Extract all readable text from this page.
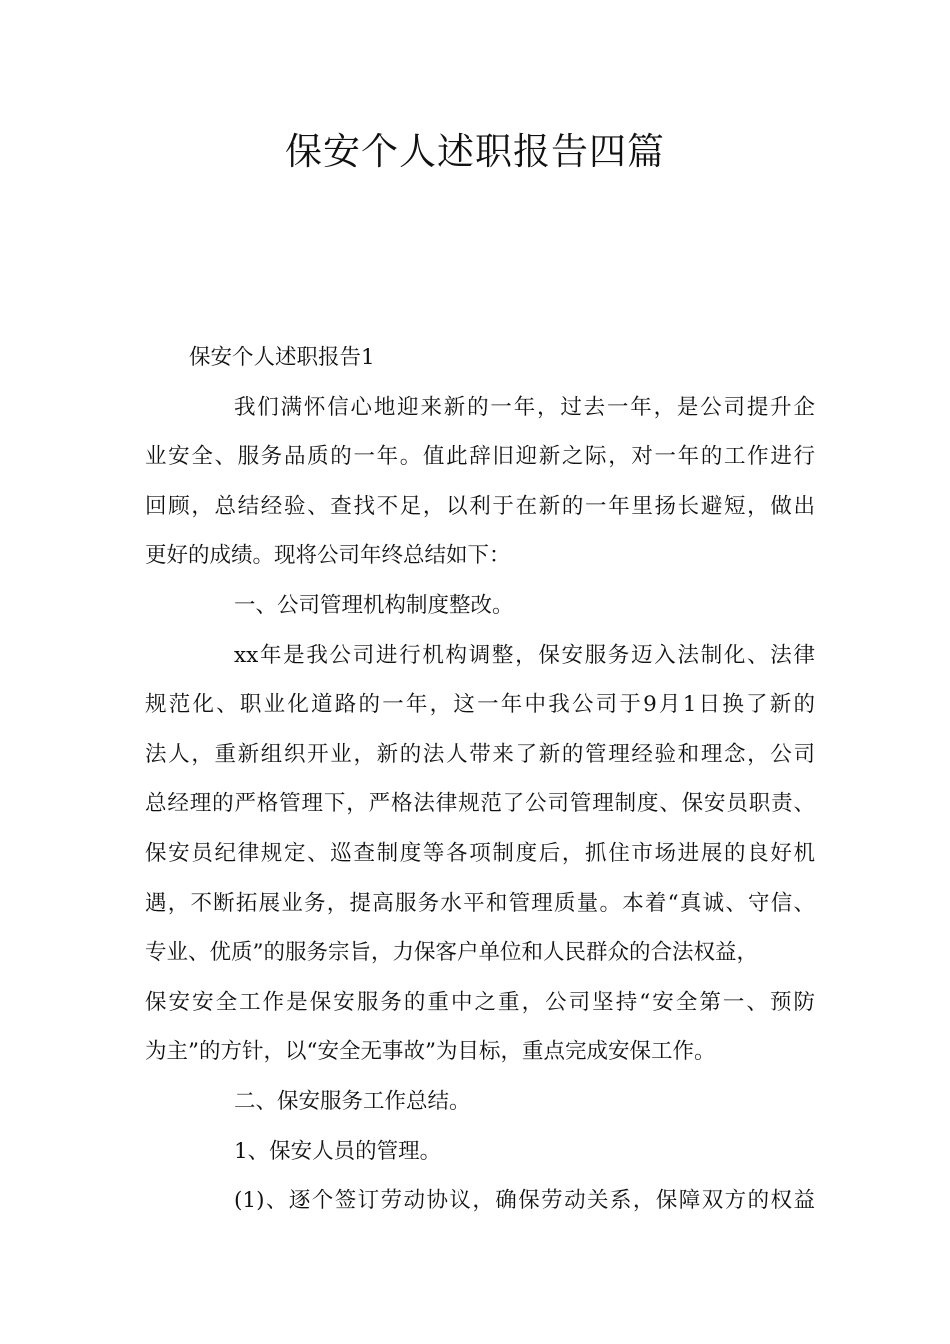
保安个人述职报告四篇
保安个人述职报告1
我们满怀信心地迎来新的一年，过去一年，是公司提升企
业安全、服务品质的一年。值此辞旧迎新之际，对一年的工作进行
回顾，总结经验、查找不足，以利于在新的一年里扬长避短，做出
更好的成绩。现将公司年终总结如下：
一、公司管理机构制度整改。
xx年是我公司进行机构调整，保安服务迈入法制化、法律
规范化、职业化道路的一年，这一年中我公司于9月1日换了新的
法人，重新组织开业，新的法人带来了新的管理经验和理念，公司
总经理的严格管理下，严格法律规范了公司管理制度、保安员职责、
保安员纪律规定、巡查制度等各项制度后，抓住市场进展的良好机
遇，不断拓展业务，提高服务水平和管理质量。本着“真诚、守信、
专业、优质”的服务宗旨，力保客户单位和人民群众的合法权益，
保安安全工作是保安服务的重中之重，公司坚持“安全第一、预防
为主”的方针，以“安全无事故”为目标，重点完成安保工作。
二、保安服务工作总结。
1、保安人员的管理。
(1)、逐个签订劳动协议，确保劳动关系，保障双方的权益
